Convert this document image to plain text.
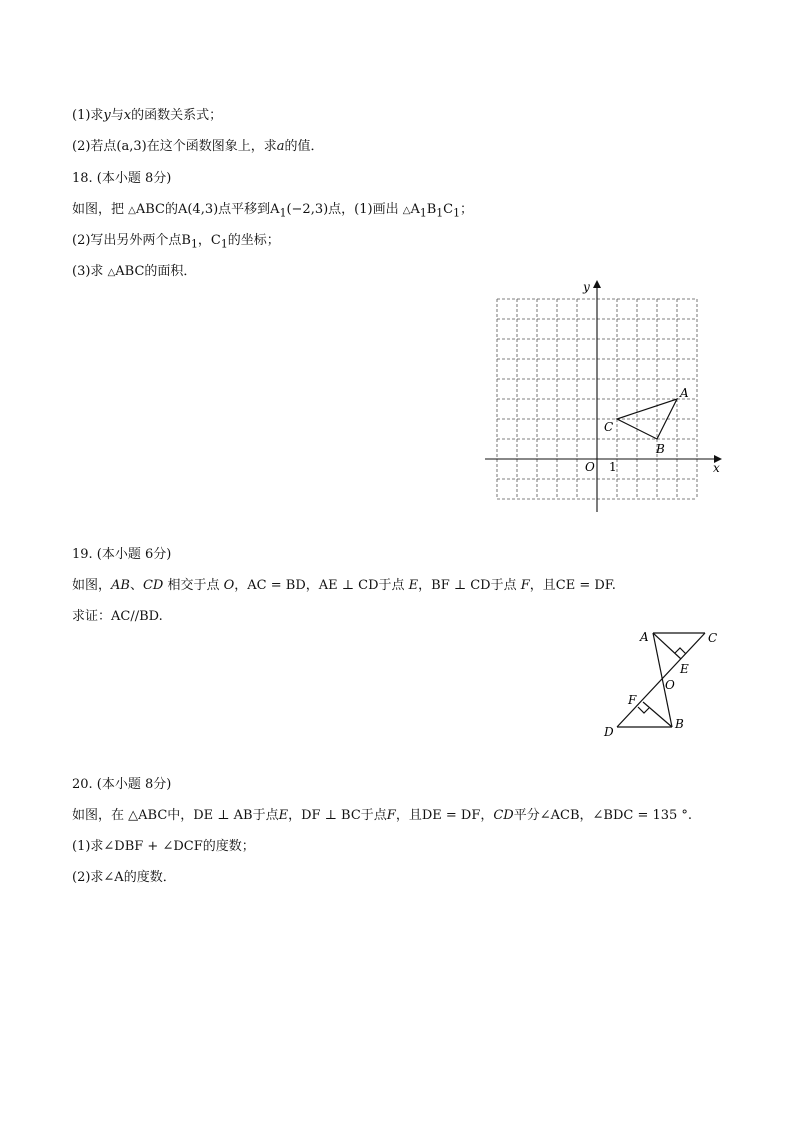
(1)求y与x的函数关系式；
(2)若点(a,3)在这个函数图象上，求a的值．
18. (本小题 8分)
如图，把 △ABC的A(4,3)点平移到$A_1(-2,3)$点，(1)画出 $\triangle A_1B_1C_1$；
(2)写出另外两个点$B_1$，$C_1$的坐标；
(3)求 △ABC的面积．
y
x
O 1
A
B
C
19. (本小题 6分)
如图，AB、CD 相交于点 O，AC = BD，AE ⊥ CD于点 E，BF ⊥ CD于点 F，且CE = DF.
求证：AC//BD.
A	C
E
O
F
D
B
20. (本小题 8分)
如图，在 △ABC中，DE ⊥ AB于点E，DF ⊥ BC于点F，且DE = DF，CD平分∠ACB，∠BDC = 135 °.
(1)求∠DBF + ∠DCF的度数；
(2)求∠A的度数．
